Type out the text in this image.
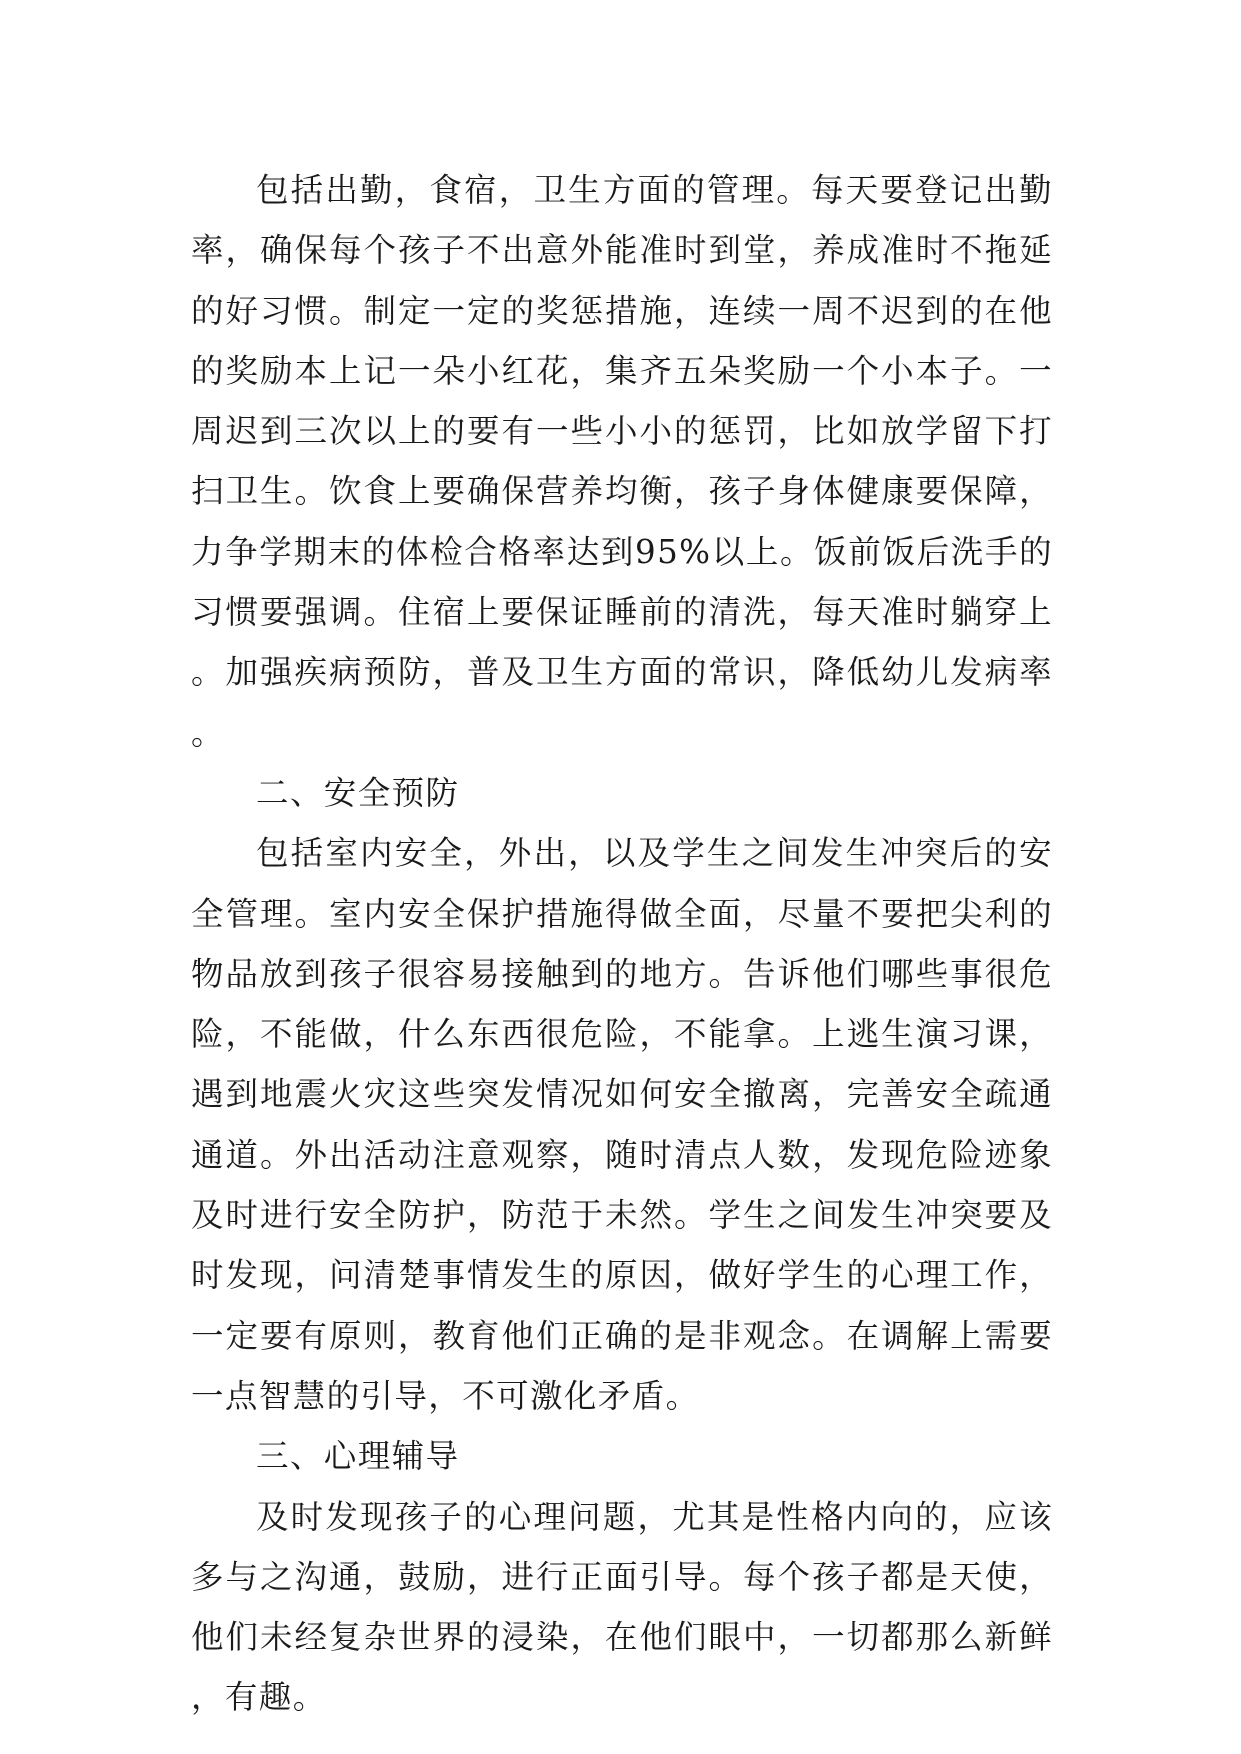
包括出勤，食宿，卫生方面的管理。每天要登记出勤率，确保每个孩子不出意外能准时到堂，养成准时不拖延的好习惯。制定一定的奖惩措施，连续一周不迟到的在他的奖励本上记一朵小红花，集齐五朵奖励一个小本子。一周迟到三次以上的要有一些小小的惩罚，比如放学留下打扫卫生。饮食上要确保营养均衡，孩子身体健康要保障，力争学期末的体检合格率达到95%以上。饭前饭后洗手的习惯要强调。住宿上要保证睡前的清洗，每天准时躺穿上。加强疾病预防，普及卫生方面的常识，降低幼儿发病率。

二、安全预防

包括室内安全，外出，以及学生之间发生冲突后的安全管理。室内安全保护措施得做全面，尽量不要把尖利的物品放到孩子很容易接触到的地方。告诉他们哪些事很危险，不能做，什么东西很危险，不能拿。上逃生演习课，遇到地震火灾这些突发情况如何安全撤离，完善安全疏通通道。外出活动注意观察，随时清点人数，发现危险迹象及时进行安全防护，防范于未然。学生之间发生冲突要及时发现，问清楚事情发生的原因，做好学生的心理工作，一定要有原则，教育他们正确的是非观念。在调解上需要一点智慧的引导，不可激化矛盾。

三、心理辅导

及时发现孩子的心理问题，尤其是性格内向的，应该多与之沟通，鼓励，进行正面引导。每个孩子都是天使，他们未经复杂世界的浸染，在他们眼中，一切都那么新鲜，有趣。
